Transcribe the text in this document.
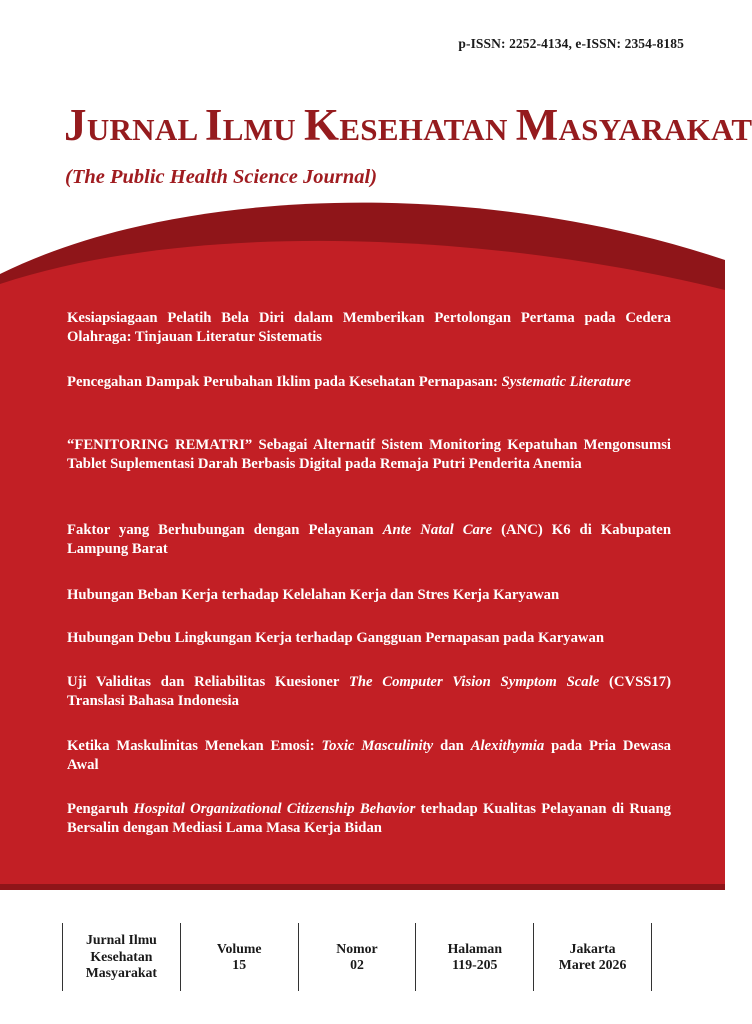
p-ISSN: 2252-4134, e-ISSN: 2354-8185
JURNAL ILMU KESEHATAN MASYARAKAT
(The Public Health Science Journal)
Kesiapsiagaan Pelatih Bela Diri dalam Memberikan Pertolongan Pertama pada Cedera Olahraga: Tinjauan Literatur Sistematis
Pencegahan Dampak Perubahan Iklim pada Kesehatan Pernapasan: Systematic Literature
“FENITORING REMATRI” Sebagai Alternatif Sistem Monitoring Kepatuhan Mengonsumsi Tablet Suplementasi Darah Berbasis Digital pada Remaja Putri Penderita Anemia
Faktor yang Berhubungan dengan Pelayanan Ante Natal Care (ANC) K6 di Kabupaten Lampung Barat
Hubungan Beban Kerja terhadap Kelelahan Kerja dan Stres Kerja Karyawan
Hubungan Debu Lingkungan Kerja terhadap Gangguan Pernapasan pada Karyawan
Uji Validitas dan Reliabilitas Kuesioner The Computer Vision Symptom Scale (CVSS17) Translasi Bahasa Indonesia
Ketika Maskulinitas Menekan Emosi: Toxic Masculinity dan Alexithymia pada Pria Dewasa Awal
Pengaruh Hospital Organizational Citizenship Behavior terhadap Kualitas Pelayanan di Ruang Bersalin dengan Mediasi Lama Masa Kerja Bidan
Jurnal Ilmu
Kesehatan
Masyarakat
Volume
15
Nomor
02
Halaman
119-205
Jakarta
Maret 2026
